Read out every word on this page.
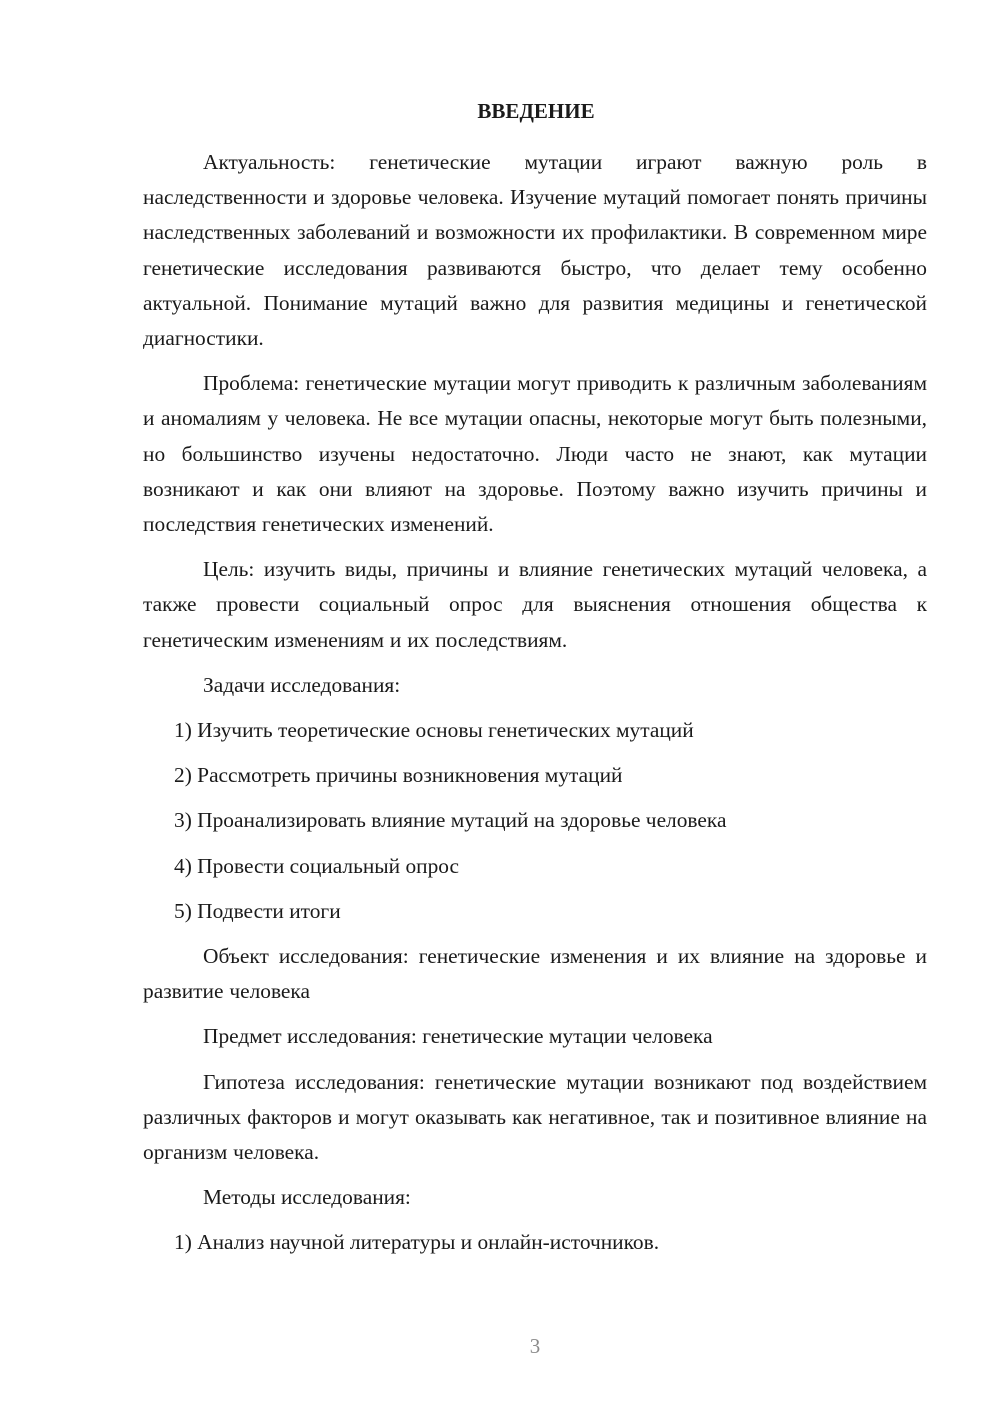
ВВЕДЕНИЕ

Актуальность: генетические мутации играют важную роль в наследственности и здоровье человека. Изучение мутаций помогает понять причины наследственных заболеваний и возможности их профилактики. В современном мире генетические исследования развиваются быстро, что делает тему особенно актуальной. Понимание мутаций важно для развития медицины и генетической диагностики.

Проблема: генетические мутации могут приводить к различным заболеваниям и аномалиям у человека. Не все мутации опасны, некоторые могут быть полезными, но большинство изучены недостаточно. Люди часто не знают, как мутации возникают и как они влияют на здоровье. Поэтому важно изучить причины и последствия генетических изменений.

Цель: изучить виды, причины и влияние генетических мутаций человека, а также провести социальный опрос для выяснения отношения общества к генетическим изменениям и их последствиям.

Задачи исследования:

1) Изучить теоретические основы генетических мутаций
2) Рассмотреть причины возникновения мутаций
3) Проанализировать влияние мутаций на здоровье человека
4) Провести социальный опрос
5) Подвести итоги

Объект исследования: генетические изменения и их влияние на здоровье и развитие человека

Предмет исследования: генетические мутации человека

Гипотеза исследования: генетические мутации возникают под воздействием различных факторов и могут оказывать как негативное, так и позитивное влияние на организм человека.

Методы исследования:

1) Анализ научной литературы и онлайн-источников.
3
